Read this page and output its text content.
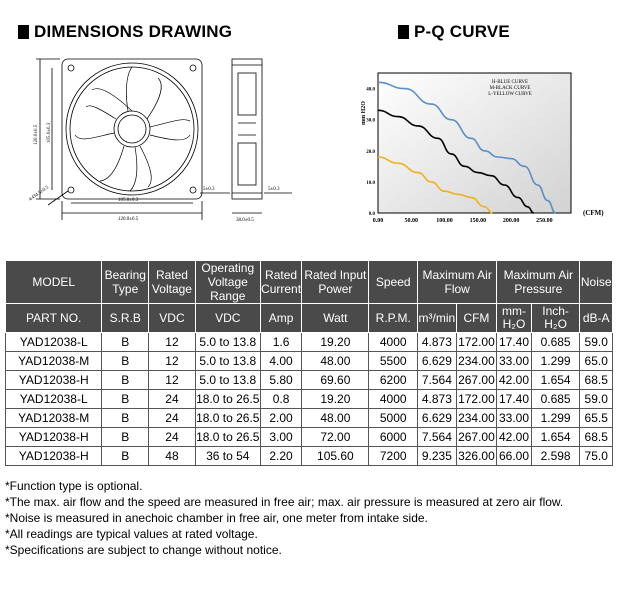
DIMENSIONS DRAWING	P-Q CURVE
120.0±0.5 105.0±0.3
105.0±0.3
120.0±0.5
4-Ø4.5±0.3	5±0.3
38.0±0.5
5±0.3
0.00	50.00	100.00	150.00	200.00	250.00
40.0
30.0
20.0
10.0
0.0
mm H2O
(CFM)
H-BLUE CURVE
M-BLACK CURVE
L-YELLOW CURVE
MODEL	Bearing Type	Rated Voltage	Operating Voltage Range	Rated Current	Rated Input Power	Speed	Maximum Air Flow		Maximum Air Pressure		Noise
PART NO.	S.R.B	VDC	VDC	Amp	Watt	R.P.M.	m³/min	CFM	mm-H₂O	Inch-H₂O	dB-A
YAD12038-L	B	12	5.0 to 13.8	1.6	19.20	4000	4.873	172.00	17.40	0.685	59.0
YAD12038-M	B	12	5.0 to 13.8	4.00	48.00	5500	6.629	234.00	33.00	1.299	65.0
YAD12038-H	B	12	5.0 to 13.8	5.80	69.60	6200	7.564	267.00	42.00	1.654	68.5
YAD12038-L	B	24	18.0 to 26.5	0.8	19.20	4000	4.873	172.00	17.40	0.685	59.0
YAD12038-M	B	24	18.0 to 26.5	2.00	48.00	5000	6.629	234.00	33.00	1.299	65.5
YAD12038-H	B	24	18.0 to 26.5	3.00	72.00	6000	7.564	267.00	42.00	1.654	68.5
YAD12038-H	B	48	36 to 54	2.20	105.60	7200	9.235	326.00	66.00	2.598	75.0
*Function type is optional.
*The max. air flow and the speed are measured in free air; max. air pressure is measured at zero air flow.
*Noise is measured in anechoic chamber in free air, one meter from intake side.
*All readings are typical values at rated voltage.
*Specifications are subject to change without notice.
